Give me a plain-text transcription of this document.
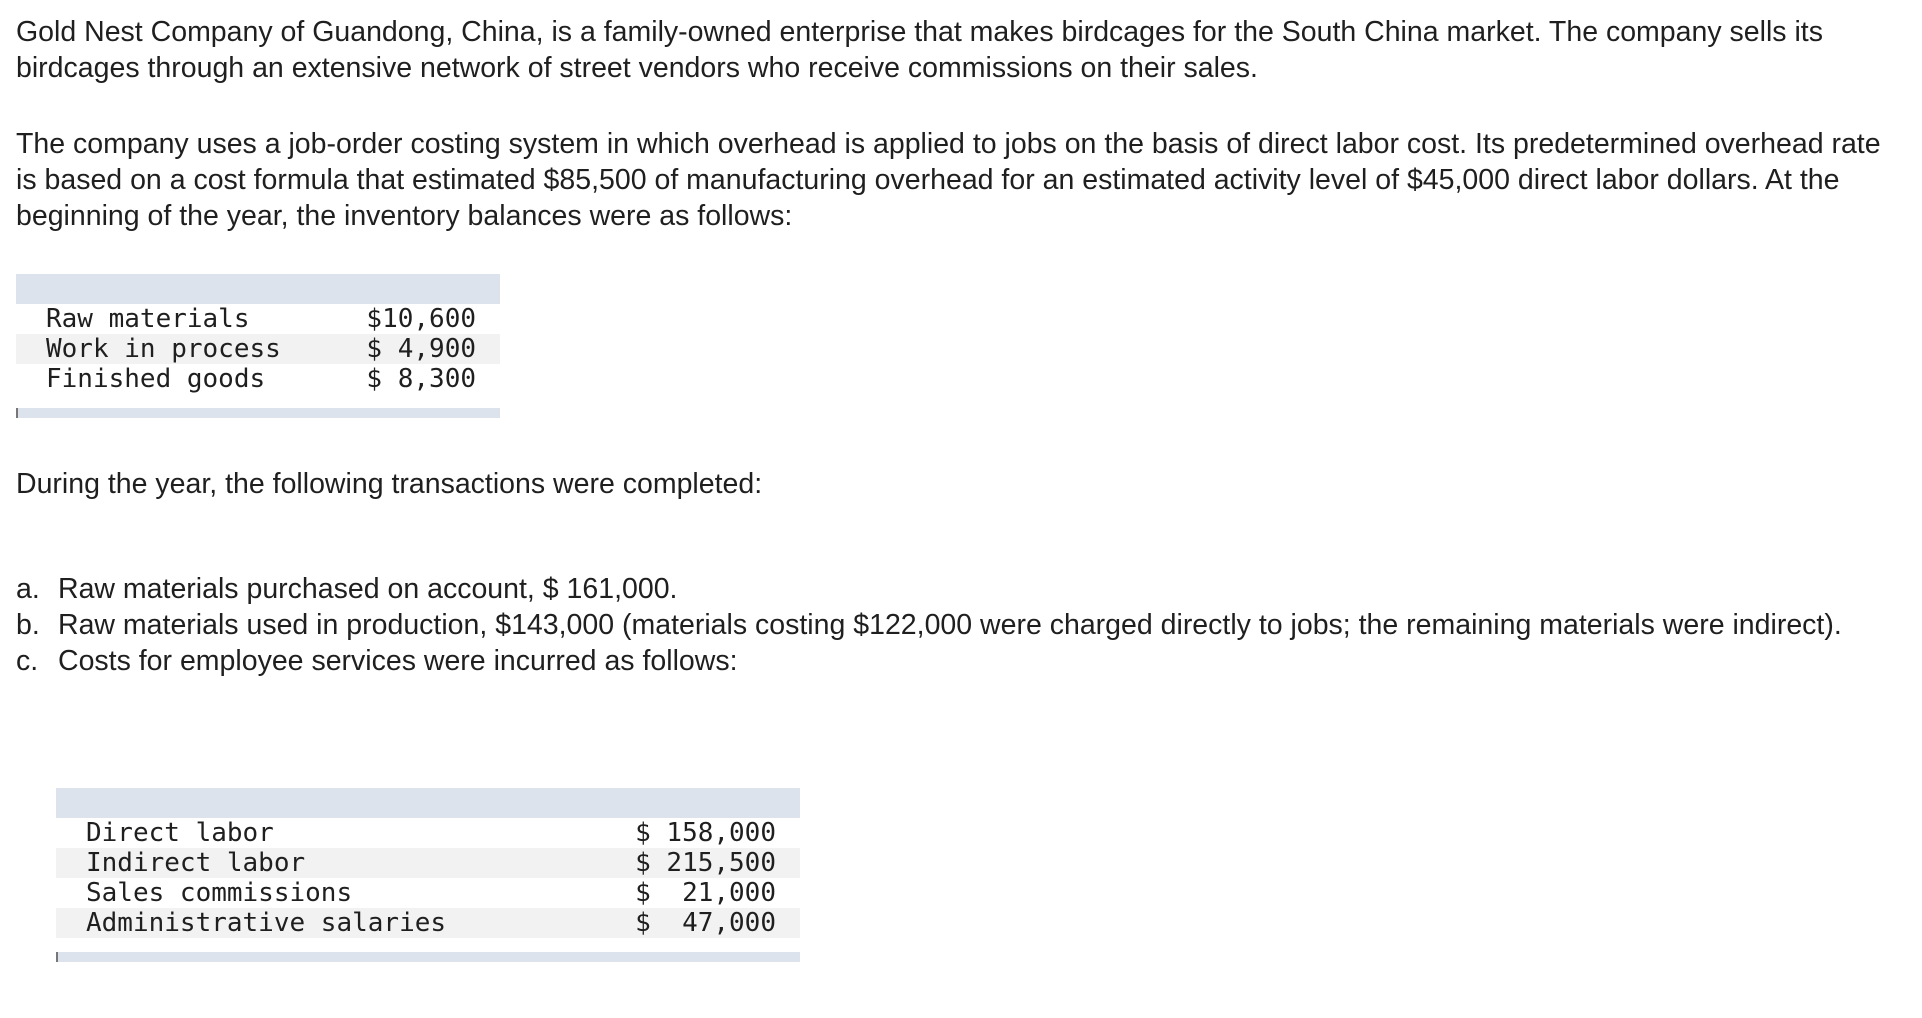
Gold Nest Company of Guandong, China, is a family-owned enterprise that makes birdcages for the South China market. The company sells its birdcages through an extensive network of street vendors who receive commissions on their sales.

The company uses a job-order costing system in which overhead is applied to jobs on the basis of direct labor cost. Its predetermined overhead rate is based on a cost formula that estimated $85,500 of manufacturing overhead for an estimated activity level of $45,000 direct labor dollars. At the beginning of the year, the inventory balances were as follows:

Raw materials	$10,600
Work in process	$ 4,900
Finished goods	$ 8,300

During the year, the following transactions were completed:

a. Raw materials purchased on account, $ 161,000.
b. Raw materials used in production, $143,000 (materials costing $122,000 were charged directly to jobs; the remaining materials were indirect).
c. Costs for employee services were incurred as follows:
Direct labor	$ 158,000
Indirect labor	$ 215,500
Sales commissions	$  21,000
Administrative salaries	$  47,000
